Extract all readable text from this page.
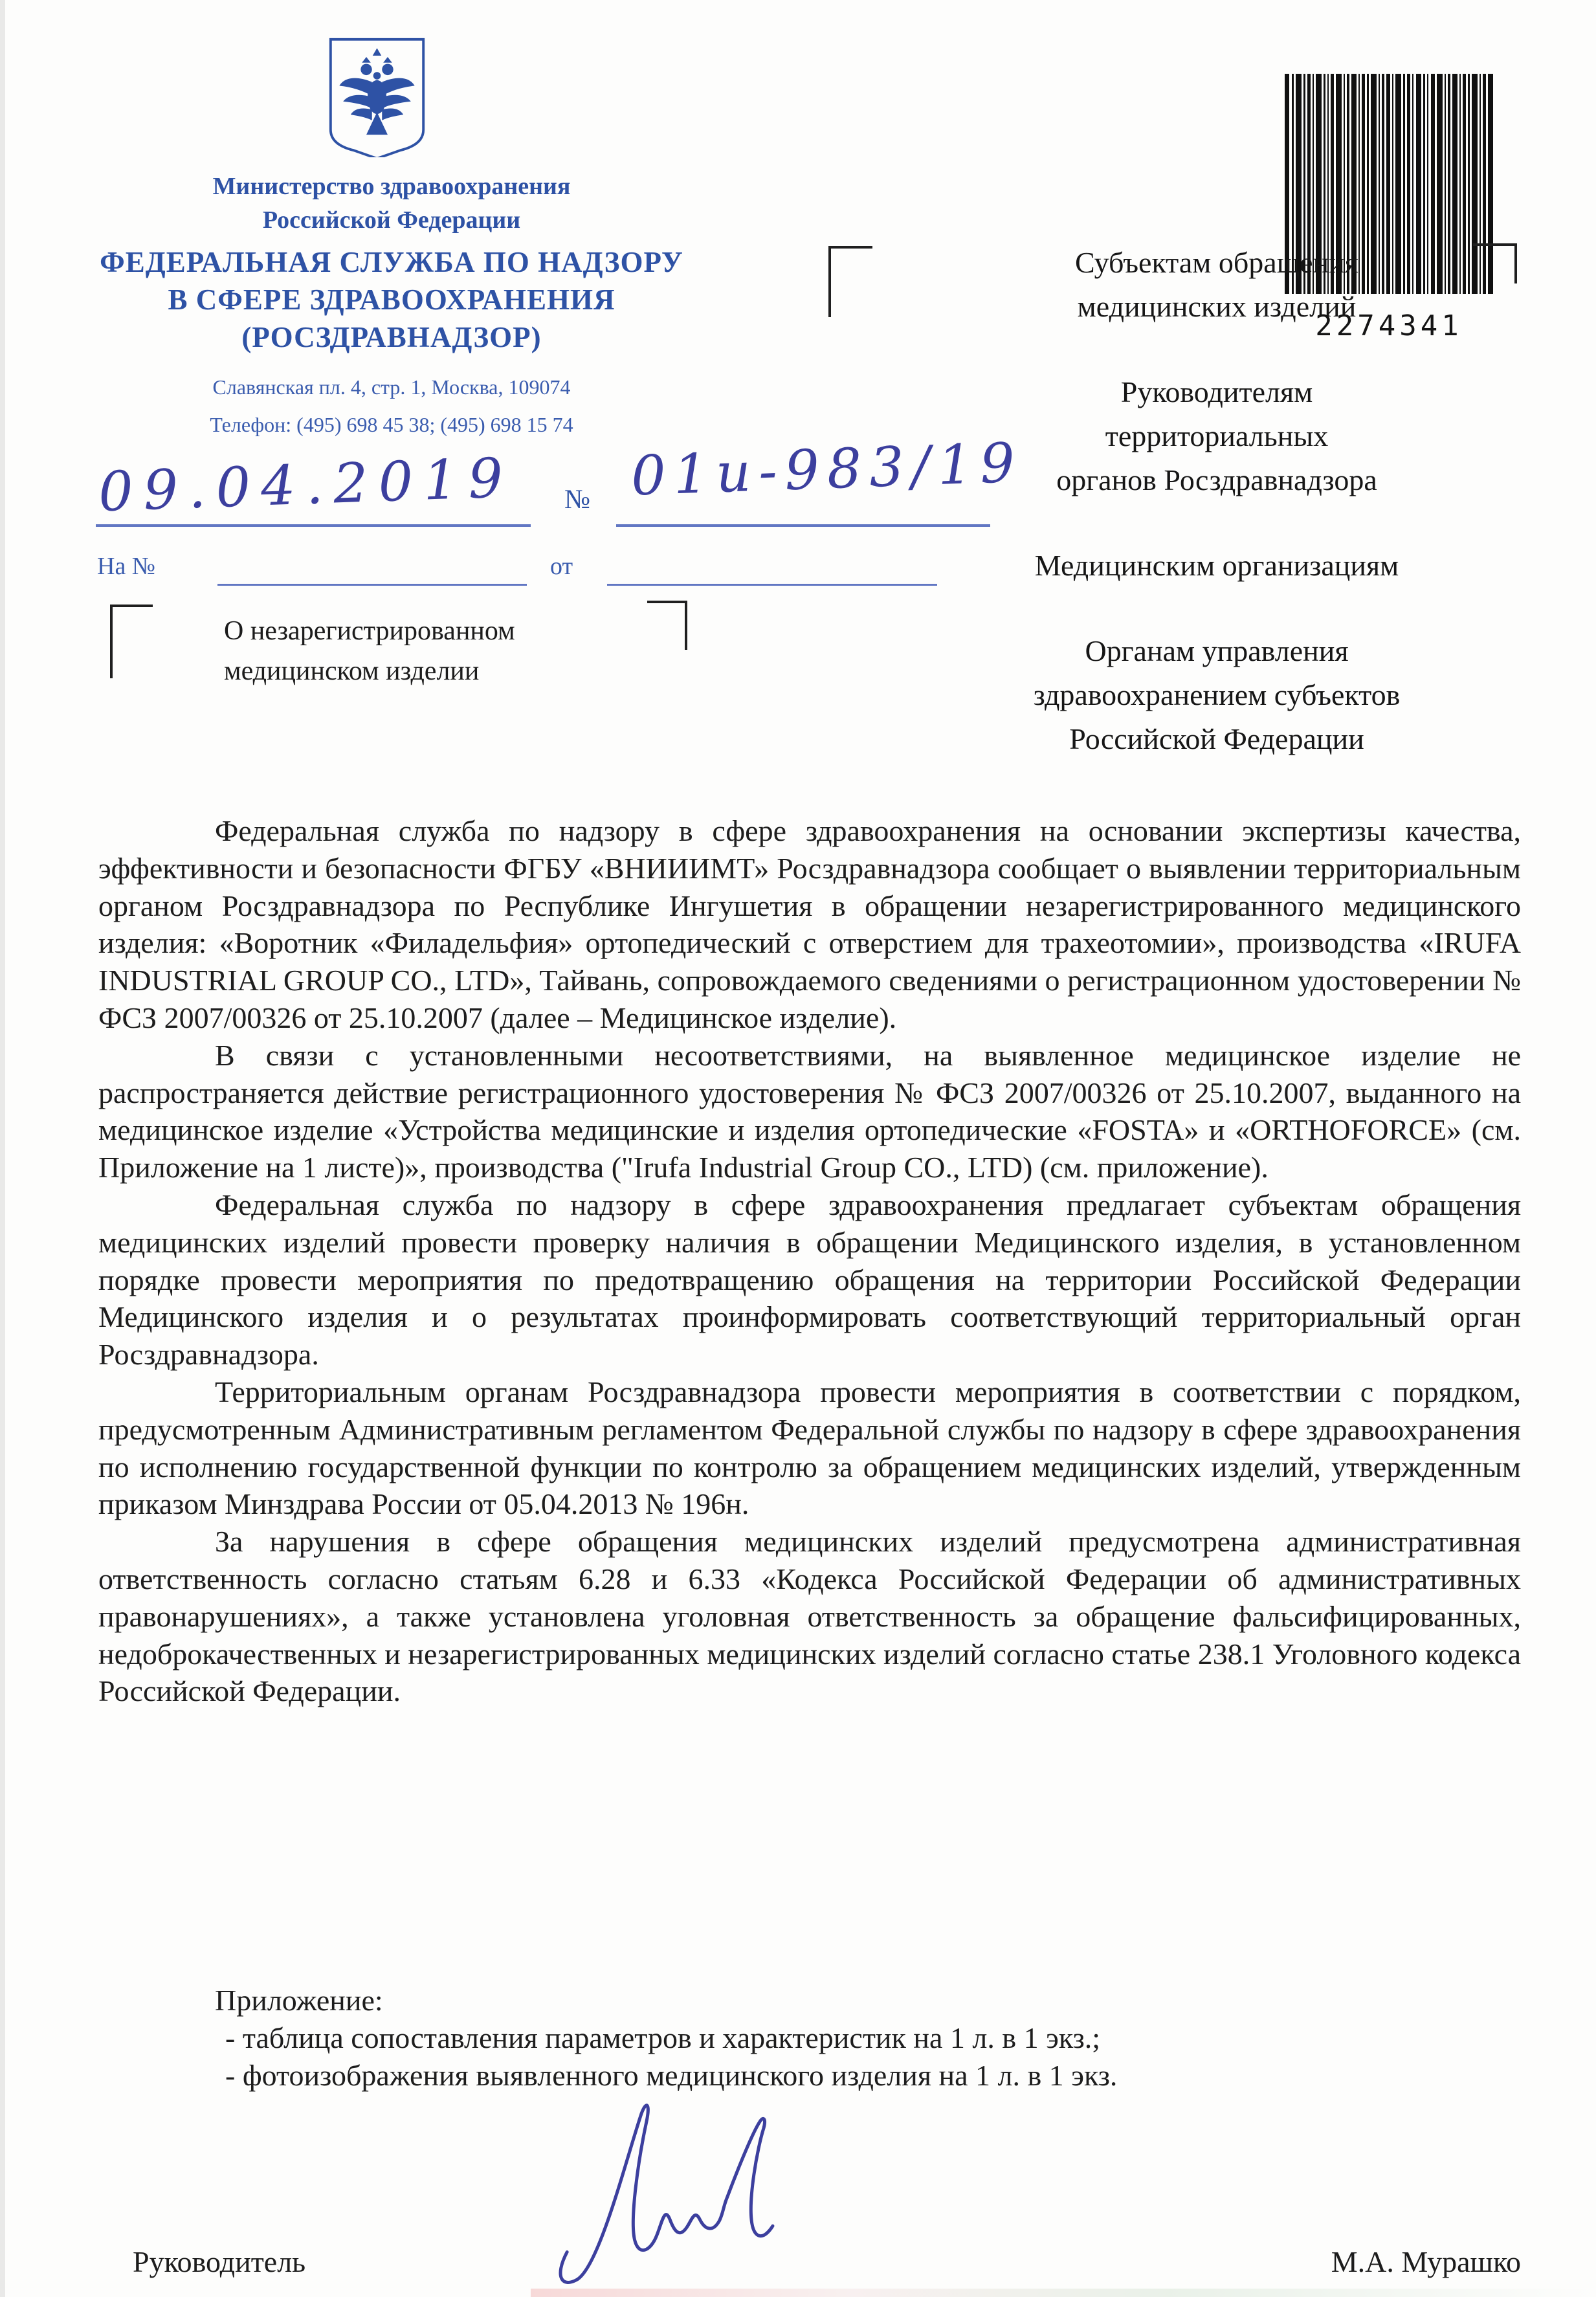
Министерство здравоохранения
Российской Федерации
ФЕДЕРАЛЬНАЯ СЛУЖБА ПО НАДЗОРУ
В СФЕРЕ ЗДРАВООХРАНЕНИЯ
(РОСЗДРАВНАДЗОР)
Славянская пл. 4, стр. 1, Москва, 109074
Телефон: (495) 698 45 38; (495) 698 15 74
2274341
Субъектам обращения
медицинских изделий
Руководителям
территориальных
органов Росздравнадзора
Медицинским организациям
Органам управления
здравоохранением субъектов
Российской Федерации
09.04.2019 № 01и-983/19
На №	от
О незарегистрированном
медицинском изделии

Федеральная служба по надзору в сфере здравоохранения на основании экспертизы качества, эффективности и безопасности ФГБУ «ВНИИИМТ» Росздравнадзора сообщает о выявлении территориальным органом Росздравнадзора по Республике Ингушетия в обращении незарегистрированного медицинского изделия: «Воротник «Филадельфия» ортопедический с отверстием для трахеотомии», производства «IRUFA INDUSTRIAL GROUP CO., LTD», Тайвань, сопровождаемого сведениями о регистрационном удостоверении № ФСЗ 2007/00326 от 25.10.2007 (далее – Медицинское изделие).

В связи с установленными несоответствиями, на выявленное медицинское изделие не распространяется действие регистрационного удостоверения № ФСЗ 2007/00326 от 25.10.2007, выданного на медицинское изделие «Устройства медицинские и изделия ортопедические «FOSTA» и «ORTHOFORCE» (см. Приложение на 1 листе)», производства ("Irufa Industrial Group CO., LTD) (см. приложение).

Федеральная служба по надзору в сфере здравоохранения предлагает субъектам обращения медицинских изделий провести проверку наличия в обращении Медицинского изделия, в установленном порядке провести мероприятия по предотвращению обращения на территории Российской Федерации Медицинского изделия и о результатах проинформировать соответствующий территориальный орган Росздравнадзора.

Территориальным органам Росздравнадзора провести мероприятия в соответствии с порядком, предусмотренным Административным регламентом Федеральной службы по надзору в сфере здравоохранения по исполнению государственной функции по контролю за обращением медицинских изделий, утвержденным приказом Минздрава России от 05.04.2013 № 196н.

За нарушения в сфере обращения медицинских изделий предусмотрена административная ответственность согласно статьям 6.28 и 6.33 «Кодекса Российской Федерации об административных правонарушениях», а также установлена уголовная ответственность за обращение фальсифицированных, недоброкачественных и незарегистрированных медицинских изделий согласно статье 238.1 Уголовного кодекса Российской Федерации.

Приложение:
- таблица сопоставления параметров и характеристик на 1 л. в 1 экз.;
- фотоизображения выявленного медицинского изделия на 1 л. в 1 экз.
Руководитель	М.А. Мурашко
